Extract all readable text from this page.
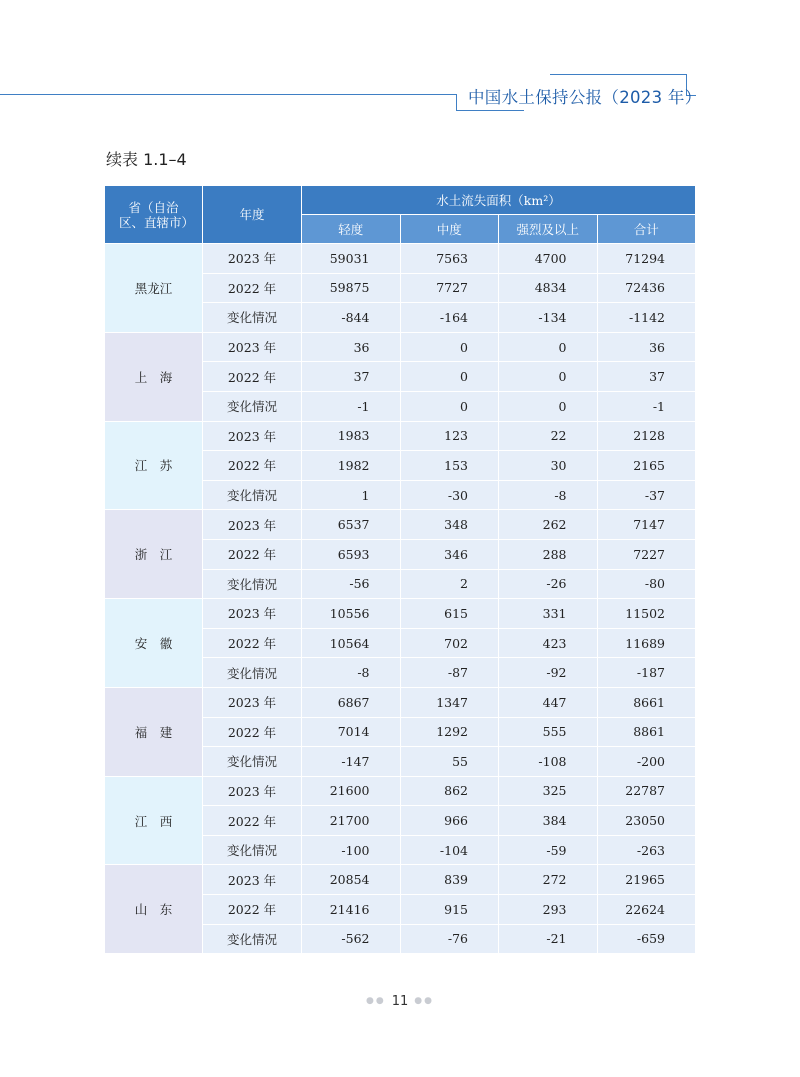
中国水土保持公报（2023 年）
续表 1.1–4
省（自治区、直辖市）	年度	水土流失面积（km²）			
		轻度	中度	强烈及以上	合计
黑龙江	2023 年	59031	7563	4700	71294
	2022 年	59875	7727	4834	72436
	变化情况	-844	-164	-134	-1142
上　海	2023 年	36	0	0	36
	2022 年	37	0	0	37
	变化情况	-1	0	0	-1
江　苏	2023 年	1983	123	22	2128
	2022 年	1982	153	30	2165
	变化情况	1	-30	-8	-37
浙　江	2023 年	6537	348	262	7147
	2022 年	6593	346	288	7227
	变化情况	-56	2	-26	-80
安　徽	2023 年	10556	615	331	11502
	2022 年	10564	702	423	11689
	变化情况	-8	-87	-92	-187
福　建	2023 年	6867	1347	447	8661
	2022 年	7014	1292	555	8861
	变化情况	-147	55	-108	-200
江　西	2023 年	21600	862	325	22787
	2022 年	21700	966	384	23050
	变化情况	-100	-104	-59	-263
山　东	2023 年	20854	839	272	21965
	2022 年	21416	915	293	22624
	变化情况	-562	-76	-21	-659
●● 11 ●●
